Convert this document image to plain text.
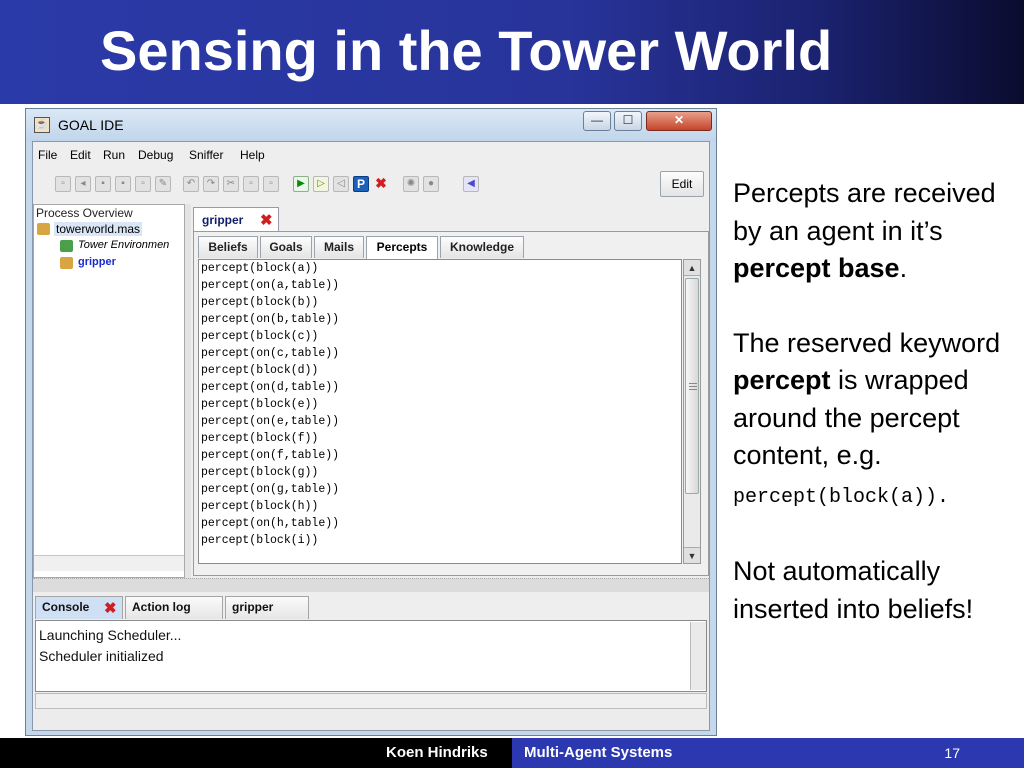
Sensing in the Tower World
☕ GOAL IDE	—	☐	✕
File Edit Run Debug Sniffer Help
▫	◂	▪	▪	▫	✎	↶	↷	✂	▫	▫	▶	▷	◁	P ✖	✺	●	◀	Edit
Process Overview
towerworld.mas
Tower Environmen
gripper
gripper ✖
Beliefs	Goals	Mails	Percepts	Knowledge
percept(block(a))
percept(on(a,table))
percept(block(b))
percept(on(b,table))
percept(block(c))
percept(on(c,table))
percept(block(d))
percept(on(d,table))
percept(block(e))
percept(on(e,table))
percept(block(f))
percept(on(f,table))
percept(block(g))
percept(on(g,table))
percept(block(h))
percept(on(h,table))
percept(block(i))
▲
▼
Console ✖	Action log	gripper
Launching Scheduler...
Scheduler initialized

Percepts are received by an agent in it’s percept base.

The reserved keyword percept is wrapped around the percept content, e.g.
percept(block(a)).

Not automatically inserted into beliefs!

Koen Hindriks Multi-Agent Systems	17
